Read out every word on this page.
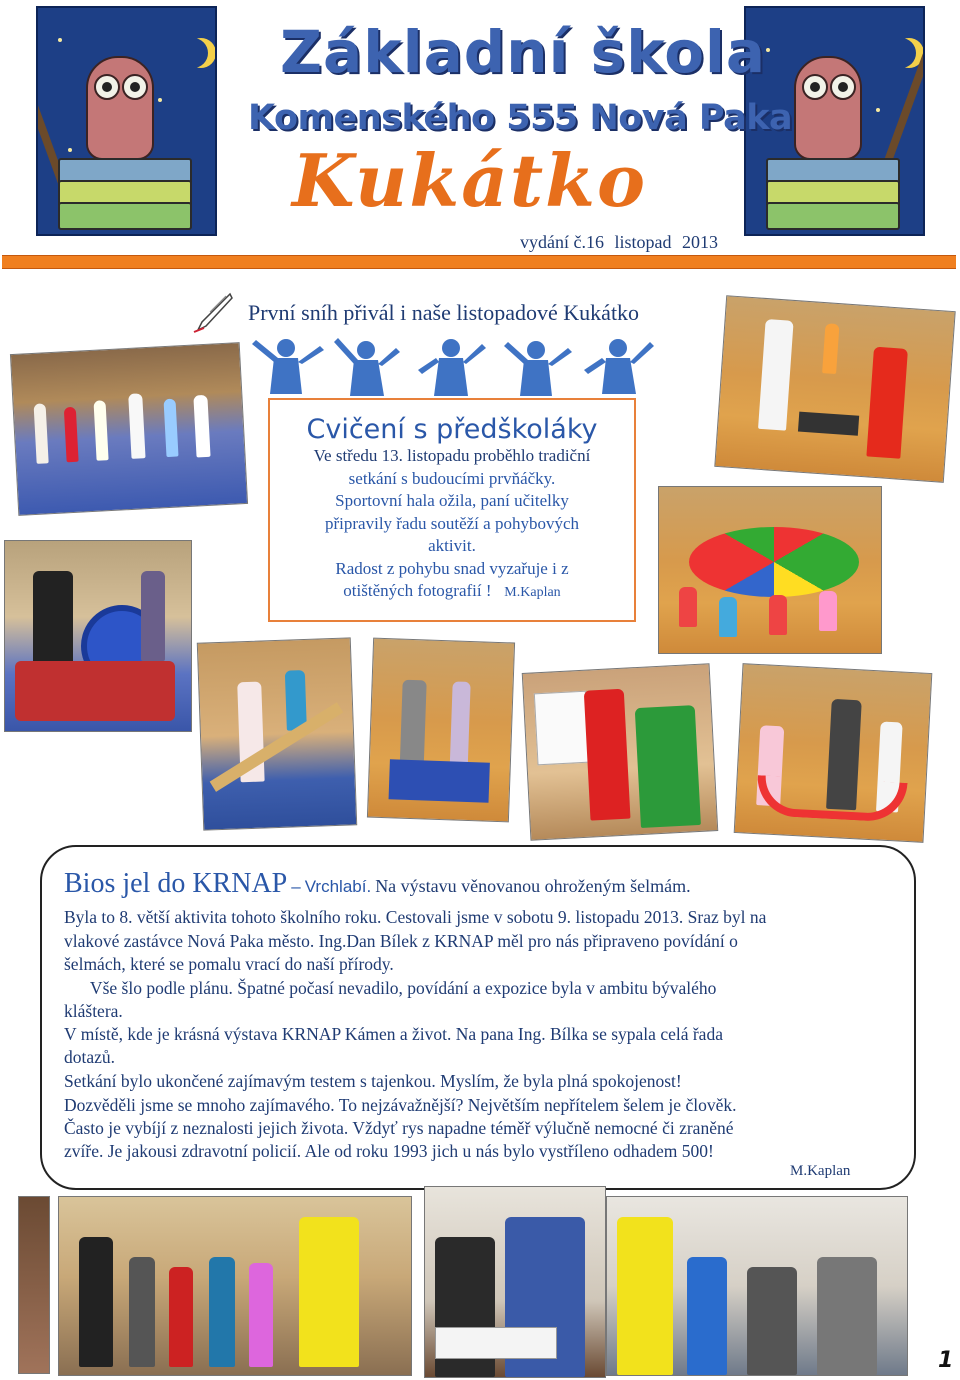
Základní škola
Komenského 555 Nová Paka
Kukátko
vydání č.16 listopad 2013
První sníh přivál i naše listopadové Kukátko
Cvičení s předškoláky
Ve středu 13. listopadu proběhlo tradiční
setkání s budoucími prvňáčky.
Sportovní hala ožila, paní učitelky
připravily řadu soutěží a pohybových
aktivit.
Radost z pohybu snad vyzařuje i z
otištěných fotografií ! M.Kaplan
Bios jel do KRNAP – Vrchlabí. Na výstavu věnovanou ohroženým šelmám.
Byla to 8. větší aktivita tohoto školního roku. Cestovali jsme v sobotu 9. listopadu 2013. Sraz byl na
vlakové zastávce Nová Paka město. Ing.Dan Bílek z KRNAP měl pro nás připraveno povídání o
šelmách, které se pomalu vrací do naší přírody.
Vše šlo podle plánu. Špatné počasí nevadilo, povídání a expozice byla v ambitu bývalého
kláštera.
V místě, kde je krásná výstava KRNAP Kámen a život. Na pana Ing. Bílka se sypala celá řada
dotazů.
Setkání bylo ukončené zajímavým testem s tajenkou. Myslím, že byla plná spokojenost!
Dozvěděli jsme se mnoho zajímavého. To nejzávažnější? Největším nepřítelem šelem je člověk.
Často je vybíjí z neznalosti jejich života. Vždyť rys napadne téměř výlučně nemocné či zraněné
zvíře. Je jakousi zdravotní policií. Ale od roku 1993 jich u nás bylo vystříleno odhadem 500!
M.Kaplan
1
